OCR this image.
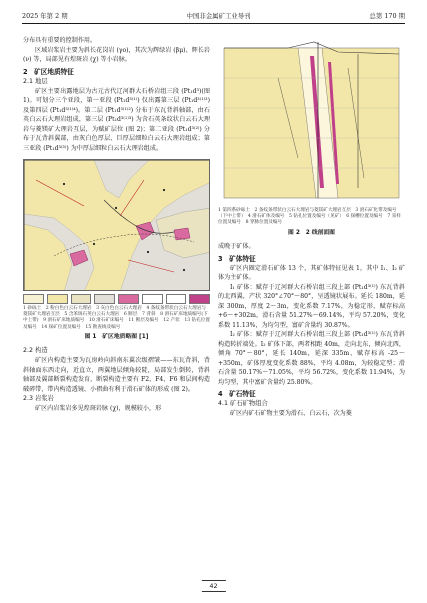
2025 年第 2 期	中国非金属矿工业导刊	总第 170 期

分布具有重要的控制作用。

区域岩浆岩主要为斜长花岗岩 (γo)，其次为辉绿岩 (βμ)、辉长岩 (ν) 等，局部见有煌斑岩 (χ) 等小岩脉。

2　矿区地质特征
2.1 地层

矿区主要出露地层为古元古代辽河群大石桥岩组三段 (Pt₁d³)(图 1)。可划分三个亚段，第一亚段 (Pt₁d³⁽¹⁾) 仅出露第三层 (Pt₁d³⁽¹⁾³) 及第四层 (Pt₁d³⁽¹⁾⁴)。第二层 (Pt₁d³⁽¹⁾²) 分布于东瓦背斜轴部，由石英白云石大理岩组成，第三层 (Pt₁d³⁽¹⁾³) 为含石英条纹状白云石大理岩与菱镁矿大理岩互层，为赋矿层位 (图 2)；第二亚段 (Pt₁d³⁽²⁾) 分布于瓦背斜翼部，由灰白色厚层、巨厚层细粒白云石大理岩组成；第三亚段 (Pt₁d³⁽³⁾) 为中厚层细粒白云石大理岩组成。

1 砂砾土　2 粉白色白云石大理岩　3 灰白色白云石大理岩　4 条纹条带状白云石大理岩与菱镁矿大理岩互层　5 含苯斑石英白云石大理岩　6 断层　7 背斜　8 滑石矿床地质编号(下中上带)　9 滑石矿床地质编号　10 滑石矿床编号　11 断层及编号　12 产状　13 钻孔位置及编号　14 探矿位置及编号　15 勘查线及编号
图 1　矿区地质略图 [1]
2.2 构造

矿区内构造主要为瓦房岭向斜南东翼次级褶皱——东瓦背斜，背斜轴面东西走向，近直立，两翼地层倾角较陡，局部发生倒转，背斜轴部及翼部断裂构造发育，断裂构造主要有 F2、F4、F6 和层间构造破碎带，带内构造透镜、小褶曲有利于滑石矿体的形成 (图 2)。

2.3 岩浆岩

矿区内岩浆岩多见煌斑岩脉 (χ)，规模较小，形

1 第四系砂砾土　2 条纹条带状白云石大理岩与菱镁矿大理岩互层　3 滑石矿化带及编号（下中上带）　4 滑石矿体及编号　5 钻孔位置及编号（见矿）　6 探槽位置及编号　7 采样位置及编号　8 穿脉位置及编号
图 2　2 线剖面图

成晚于矿体。

3　矿体特征

矿区内圈定滑石矿体 13 个，其矿体特征见表 1，其中 I₁、I₂ 矿体为主矿体。

I₁ 矿体：赋存于辽河群大石桥岩组三段上部 (Pt₁d³⁽¹⁾) 东瓦背斜的北西翼，产状 320°∠70°～80°，呈透镜状展布。延长 180m，延深 300m，厚度 2～3m，变化系数 7.17%，为稳定形，赋存标高 +6～+302m，滑石含量 51.27%～69.14%，平均 57.20%，变化系数 11.13%，为均匀型，富矿含量约 30.87%。

I₂ 矿体：赋存于辽河群大石桥岩组三段上部 (Pt₁d³⁽¹⁾) 东瓦背斜构造转折端处。I₂ 矿体下部，两者相距 40m，走向北东，倾向北西，倾角 70°～80°，延长 140m，延深 335m，赋存标高 -25～+350m，矿体厚度变化系数 88%，平均 4.08m，为较稳定型；滑石含量 50.17%～71.05%，平均 56.72%，变化系数 11.94%，为均匀型，其中富矿含量约 25.80%。

4　矿石特征
4.1 矿石矿物组合

矿区内矿石矿物主要为滑石、白云石，次为菱

42
